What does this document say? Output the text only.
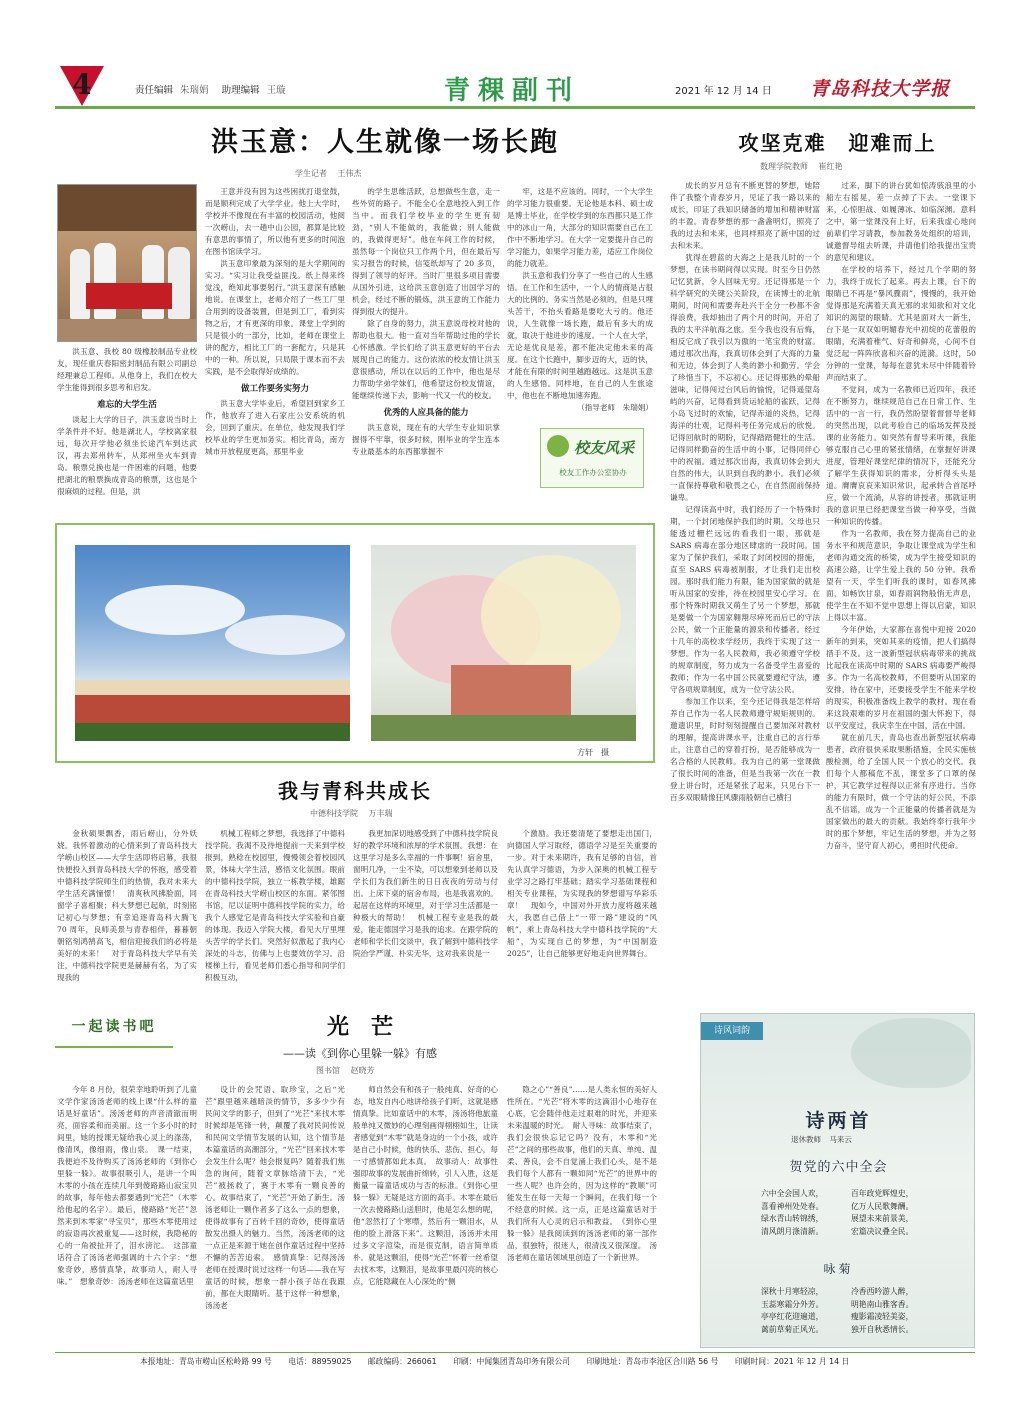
4	责任编辑 朱瑞娟 助理编辑 王璇	青稞副刊	2021 年 12 月 14 日 青岛科技大学报
洪玉意：人生就像一场长跑
学生记者 王伟杰

洪玉意、我校 80 级橡胶制品专业校友，现任重庆春阳密封制品有限公司副总经理兼总工程师。从他身上，我们在校大学生能得到很多思考和启发。

难忘的大学生活

谈起上大学的日子，洪玉意说当时上学条件并不好。他是湖北人，学校离家很远，每次开学他必须坐长途汽车到达武汉，再去郑州转车，从郑州坐火车到青岛。粮票兑换也是一件困难的问题，他要把湖北的粮票换成青岛的粮票，这也是个很麻烦的过程。但是，洪

王意并没有因为这些困扰打退堂鼓，而是顺利完成了大学学业。他上大学时，学校并不像现在有丰富的校园活动，他阅一次崂山，去一趟中山公园，都算是比较有意思的事情了，所以他有更多的时间泡在图书馆读学习。

洪玉意印象最为深刻的是大学期间的实习。“实习让我受益匪浅。纸上得来终觉浅，绝知此事要躬行。”洪玉意深有感触地说。在课堂上，老师介绍了一些工厂里合用到的设备装置，但是到工厂，看到实物之后，才有更深的印象。课堂上学到的只是很小的一部分，比如，老师在课堂上讲的配方，相比工厂的一套配方，只是其中的一种。所以说，只局限于课本而不去实践，是不会取得好成绩的。

做工作要务实努力

洪玉意大学毕业后，希望回到家乡工作，他放弃了进入石家庄公安系统的机会，回到了重庆。在单位，他发现我们学校毕业的学生更加务实。相比青岛，南方城市开放程度更高，那里毕业

的学生思维活跃，总想做些生意，走一些外贸的路子。不能全心全意地投入到工作当中。而我们学校毕业的学生更有韧劲，“别人不能做的，我能做；别人能做的，我做得更好”。他在车间工作的时候，虽然每一个岗位只工作两个月，但在最后写实习报告的时候，信笺纸却写了 20 多页，得到了领导的好评。当时厂里很多项目需要从国外引进，这给洪玉意创造了出国学习的机会，经过不断的锻炼，洪玉意的工作能力得到很大的提升。

除了自身的努力，洪玉意说母校对他的帮助也很大。他一直对当年帮助过他的学长心怀感激。学长们给了洪玉意更好的平台去展现自己的能力。这份浓浓的校友情让洪玉意很感动，所以在以后的工作中，他也是尽力帮助学弟学妹们，他希望这份校友情谊，能继续传递下去，影响一代又一代的校友。

优秀的人应具备的能力

洪玉意说，现在有的大学生专业知识掌握得不牢靠，很多时候，刚毕业的学生连本专业最基本的东西都掌握不

牢，这是不应该的。同时，一个大学生的学习能力很重要。无论他是本科、硕士或是博士毕业，在学校学到的东西都只是工作中的冰山一角，大部分的知识需要自己在工作中不断地学习。在大学一定要提升自己的学习能力，如果学习能力差，适应工作岗位的能力就差。

洪玉意和我们分享了一些自己的人生感悟。在工作和生活中，一个人的情商是占很大的比例的。务实当然是必须的，但是只埋头苦干，不抬头看路是要吃大亏的。他还说，人生就像一场长跑，最后有多大的成就，取决于他进步的速度。一个人在大学，无论是优良是差，都不能决定他未来的高度。在这个长跑中，脚步迈的大，迈的快，才能在有限的时间里越跑越远。这是洪玉意的人生感悟。同样地，在自己的人生旅途中，他也在不断地加速奔跑。

（指导老师　朱瑞娟）

校友风采
校友工作办公室协办
攻坚克难　迎难而上
数理学院教师 崔红艳

成长的岁月总有不断更替的梦想，她陪伴了我整个青春岁月，见证了我一路以来的成长，印证了我知识储备的增加和精神财富的丰盈。青春梦想的那一盏盏明灯，照亮了我的过去和未来，也同样照亮了新中国的过去和未来。

犹得在碧蓝的大海之上是我儿时的一个梦想，在读书期间得以实现。时至今日仍然记忆犹新，令人回味无穷。还记得那是一个科学研究的关键公关阶段，在读博士的北航期间，时间和需要奔赴兴于全分一秒都不舍得浪费，我却抽出了两个月的时间，开启了我的太平洋航海之旅。至今我也没有后悔，相反它成了我引以为傲的一笔宝贵的财富。通过那次出海，我真切体会到了大海的力量和无边，体会到了人类的渺小和勤劳。学会了珍惜当下，不忘初心。还记得那熟的晕船滋味，记得闯过台风后的愉悦，记得遥望岛屿的兴奋，记得看到货运轮船的雀跃，记得小岛飞过时的欢愉，记得赤道的炎热，记得海洋的壮观，记得科考任务完成后的欣悦。记得回航时的期盼，记得踏踏健壮的生活。记得同样勤奋的生活中的小事，记得同伴心中的祝福。通过那次出海，我真切体会到大自然的伟大，认识到自我的渺小。我们必须一直保持尊敬和敬畏之心，在自然面前保持谦卑。

记得读高中时，我们经历了一个特殊时期，一个封闭地保护我们的时期。父母也只能透过栅栏远远的看我们一眼，那就是 SARS 病毒在部分地区肆虐的一段时间。国家为了保护我们，采取了封闭校园的措施，直至 SARS 病毒被制服，才让我们走出校园。那时我们能力有限，能为国家做的就是听从国家的安排，待在校园里安心学习。在那个特殊时期我又萌生了另一个梦想，那就是要做一个为国家翱翔尽瘁死而后已的守法公民，做一个正能量的源泉和传播者。经过十几年的高校求学经历，我终于实现了这一梦想。作为一名人民教师，我必须遵守学校的规章制度，努力成为一名备受学生喜爱的教师；作为一名中国公民就要遵纪守法，遵守各项规章制度，成为一位守法公民。

参加工作以来，至今还记得我是怎样培养自己作为一名人民教师遵守规矩规则的。邀遗识里，时时刻刻提醒自己要加深对教材的理解，提高讲课水平，注重自己的言行举止，注意自己的穿着打扮，是否能够成为一名合格的人民教师。我为自己的第一堂课做了很长时间的准备，但是当我第一次在一教登上讲台时，还是紧张了起来，只见台下一百多双眼睛像狂风骤雨般朝自己横扫

过来，脚下的讲台犹如惊涛骇浪里的小船左右摇晃，差一点掉了下去。一堂课下来，心惊胆战、如履薄冰、如临深渊。意料之中，第一堂课没有上好，后来我虚心地向前辈们学习请教，参加教务处组织的培训，诚邀督导组去听课，并请他们给我提出宝贵的意见和建议。

在学校的培养下，经过几个学期的努力，我终于成长了起来。再去上课，台下的眼睛已不再是“暴风骤雨”，慢慢的，我开始觉得那是充满着天真无邪的求知欲和对文化知识的渴望的眼睛。尤其是面对大一新生，台下是一双双如明媚春光中初绽的花蕾般的眼睛，充满着稚气、好奇和鲜亮，心间不自觉泛起一阵阵欣喜和兴奋的涟漪。这时，50 分钟的一堂课，每每在意犹未尽中伴随着铃声而结束了。

不觉间，成为一名教师已近四年，我还在不断努力，继续规范自己在日常工作、生活中的一言一行，我仍然盼望着督督导老师的突然出现，以此考验自己的临场发挥及授课的业务能力。如突然有督导来听课，我能够克服自己心里的紧张情绪，在掌握好讲课进度，管理好课堂纪律的情况下，还能充分了解学生获得知识的需求，分析得头头是道。膺膺哀哀来知识常识，起承转合首尾呼应，做一个流淌，从容的讲授者，那就证明我的意识里已经把课堂当做一种享受，当做一种知识的传播。

作为一名教师，我在努力提高自己的业务水平和规范意识，争取让课堂成为学生和老师沟通交流的桥梁，成为学生接受知识的高速公路，让学生爱上我的 50 分钟。我希望有一天，学生们听我的课时，如春风拂面，如畅饮甘泉，如春雨润物般悄无声息，使学生在不知不觉中思想上得以启蒙，知识上得以丰富。

今年伊始，大家都在喜悦中迎接 2020 新年的到来，突如其来的疫情，把人们搞得措手不及。这一波新型冠状病毒带来的挑战比起我在读高中时期的 SARS 病毒要严峻得多。作为一名高校教师，不但要听从国家的安排，待在家中，还要接受学生不能来学校的现实，积极准备线上教学的教材。现在看来这段艰难的岁月在祖国的强大怀抱下，得以平安度过，我庆幸生在中国，活在中国。

就在前几天，青岛也查出新型冠状病毒患者，政府很快采取果断措施，全民实施核酸检测，给了全国人民一个放心的交代。我们每个人都稿危不乱，课堂多了口罩的保护，其它教学过程得以正常有序进行。当你的能力有限时，做一个守法的好公民，不添乱不信谣，成为一个正能量的传播者就是为国家做出的最大的贡献。我始终奉行我年少时的那个梦想，牢记生活的梦想，并为之努力奋斗，坚守育人初心，勇担时代使命。

方轩　摄
我与青科共成长
中德科技学院 万丰瑞

金秋硕果飘香，雨后崂山，分外妖娆。我怀着激动的心情来到了青岛科技大学崂山校区——大学生活即将启幕，我很快便投入到青岛科技大学的怀抱，感受着中德科技学院师生们的热情，我对未来大学生活充满憧憬！　清爽秋风拂脸面，同窗学子喜相聚；科大梦想已起航，时刻铭记初心与梦想；有幸追逐青岛科大腾飞 70 周年，良师美景与青春相伴，暮暮朝朝铭刻鸿鹄高飞，相信迎接我们的必将是美好的未来！　对于青岛科技大学早有关注，中德科技学院更是赫赫有名，为了实现我的

机械工程师之梦想，我选择了中德科技学院。我渴不及待地提前一天来到学校报到，熟稔在校园里，慢慢领会着校园风景，体味大学生活，感悟文化氛围。眼前的中德科技学院，独立一栋教学楼，雄踞在青岛科技大学崂山校区的东面。紧邻图书馆，尼以证明中德科技学院的实力，给我个人感觉它是青岛科技大学实验和自豪的体现。我迈入学院大楼，看见大厅里埋头苦学的学长们。突然好似激起了我内心深处的斗志，仿佛与上也要效仿学习。沿楼梯上行，看见老师们悉心指导和同学们积极互动，

我更加深切地感受到了中德科技学院良好的教学环境和浓厚的学术氛围。我想：在这里学习是多么幸福的一件事啊！宿舍里，窗明几净，一尘不染，可以想象到老师以及学长们为我们新生的日日夜夜的劳动与付出。上床下桌的宿舍布局，也是我喜欢的。起居在这样的环境里，对于学习生活都是一种极大的帮助！　机械工程专业是我的最爱，能走德国学习是我的追求。在跟学院的老师和学长们交谈中，我了解到中德科技学院治学严谨、朴实无华，这对我来说是一

个激励。我还要清楚了要想走出国门，向德国人学习取经，德语学习是至关重要的一步。对于未来期许，我有足够的自信，首先认真学习德语，为步入深奥的机械工程专业学习之路打牢基础；踏实学习基础课程和相关专业课程，为实现我的梦想谱写华彩乐章！　现如今，中国对外开放力度将越来越大，我愿自己借上“一带一路”建设的“风帆”，乘上青岛科技大学中德科技学院的“大船”，为实现自己的梦想，为“中国制造 2025”，让自己能够更好地走向世界舞台。

一起读书吧	光　芒
——读《到你心里躲一躲》有感
图书馆 赵晓芳

今年 8 月份，很荣幸地聆听到了儿童文学作家汤汤老师的线上课“什么样的童话是好童话”。汤汤老师的声音清澈而明亮，面容柔和而美丽。这一个多小时的时间里，她的授课无疑给我心灵上的涤荡，像清风，像细雨，像山泉。　课一结束，我便迫不及待购买了汤汤老师的《到你心里躲一躲》。故事很吸引人，是讲一个叫木零的小孩在连续几年到傻路路山寂宝贝的故事，每年他去都要遇到“光芒”（木零给他起的名字）。最后，傻路路“光芒”忽然来到木零家“寻宝贝”，那些木零使用过的寂语再次被重复——这时候，我隐秘的心的一角被扯开了，泪水滂沱。　这部童话符合了汤汤老师强调的十六个字：“想象奇妙，感情真挚，故事动人，耐人寻味。”　想象奇妙：汤汤老师在这篇童话里

设计的会咒语、取珍宝，之后“光芒”跟里越来越暗淡的情节，多多少少有民间文学的影子，但到了“光芒”来找木零时候却是笔锋一转，颠覆了我对民间传说和民间文学情节发展的认知，这个情节是本篇童话的高潮部分，“光芒”回来找木零会发生什么呢？他会报复吗？随着我们焦急的询问，随着文章脉络清下去，“光芒”被拯救了，赛于木零有一颗良善的心。故事结束了，“光芒”开始了新生。汤汤老师让一颗作者多了这么一点的想象，使得故事有了百转千回的奇妙，使得童话散发出摄人的魅力。当然，汤汤老师的这一点正是来源于她在创作童话过程中坚持不懈的苦苦追索。　感情真挚：记得汤汤老师在授课时说过这样一句话——我在写童话的时候，想象一群小孩子站在我跟前，都在大眼睛听。基于这样一种想象，汤汤老

师自然会有和孩子一般纯真、好奇的心态，地发自内心地讲给孩子们听，这就是感情真挚。比如童话中的木零，汤汤将他旅童般单纯又微妙的心理刻画得栩栩如生，让读者感觉到“木零”就是身边的一个小孩，或许是自己小时候，他的快乐、悲伤、担心，每一寸感情都如此本真。　故事动人：故事性强即故事的发展曲折绵转，引人入胜，这是衡量一篇童话成功与否的标准。《到你心里躲一躲》无疑是这方面的高手。木零在最后一次去傻路路山送胆时，他是怎么想的呢，他“忽然打了个寒噤，然后有一颗泪水，从他的脸上滑落下来”。这颗泪，汤汤并未用过多文字渲染，而是很克制，语言简单质朴。就是这颗泪，使得“光芒”怀着一丝希望去找木零，这颗泪，是故事里最闪亮的核心点，它能隐藏在人心深处的“侧

隐之心”“善良”……是人类永恒的美好人性所在。“光芒”将木零的这滴泪小心地存在心底，它会随伴他走过艰难的时光，并迎来未来温暖的时光。　耐人寻味：故事结束了，我们会很快忘记它吗？没有，木零和“光芒”之间的那些故事，他们的天真、单纯、温柔、善良，会不自觉涌上我们心头，是不是我们每个人都有一颗如同“光芒”的世界中的一些人呢？也许会的，因为这样的“教顺”可能发生在每一天每一个瞬间，在我们每一个不经意的时候。这一点，正是这篇童话对于我们所有人心灵的启示和教益。　《到你心里躲一躲》是我阅读到的汤汤老师的第一部作品，很独特，很迷人，很清浅又很深邃。　汤汤老师在童话领域里创造了一个新世界。

诗风词韵
诗两首
退休教师 马来云
贺党的六中全会
六中全会国人欢，
喜看神州处处春。
绿水青山转锦绣，
清风朗月涤清新。
百年政党辉煌史，
亿万人民歌舞酬。
展望未来前景美，
宏篇决议叠全民。
咏菊
深秋十月寒轻凉，
玉蕊寒霜分外芳。
亭亭红花迎遍道，
蓠前草菊正风光。
冷香西吟游人醉，
明艳南山雅客香。
瘦影霜凌轻美姿，
独开自秋悉情长。
本报地址：青岛市崂山区松岭路 99 号 电话：88959025 邮政编码：266061 印刷：中闻集团青岛印务有限公司 印刷地址：青岛市李沧区合川路 56 号 印刷时间：2021 年 12 月 14 日
